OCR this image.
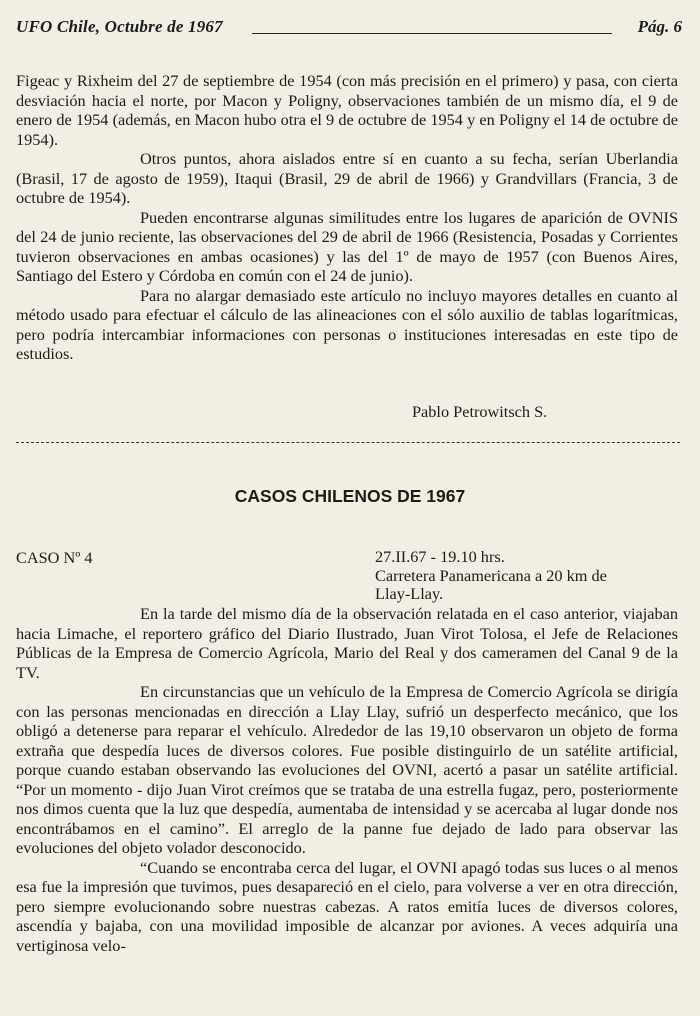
UFO Chile, Octubre de 1967	Pág. 6

Figeac y Rixheim del 27 de septiembre de 1954 (con más precisión en el primero) y pasa, con cierta desviación hacia el norte, por Macon y Poligny, observaciones también de un mismo día, el 9 de enero de 1954 (además, en Macon hubo otra el 9 de octubre de 1954 y en Poligny el 14 de octubre de 1954).

Otros puntos, ahora aislados entre sí en cuanto a su fecha, serían Uberlandia (Brasil, 17 de agosto de 1959), Itaqui (Brasil, 29 de abril de 1966) y Grandvillars (Francia, 3 de octubre de 1954).

Pueden encontrarse algunas similitudes entre los lugares de aparición de OVNIS del 24 de junio reciente, las observaciones del 29 de abril de 1966 (Resistencia, Posadas y Corrientes tuvieron observaciones en ambas ocasiones) y las del 1º de mayo de 1957 (con Buenos Aires, Santiago del Estero y Córdoba en común con el 24 de junio).

Para no alargar demasiado este artículo no incluyo mayores detalles en cuanto al método usado para efectuar el cálculo de las alineaciones con el sólo auxilio de tablas logarítmicas, pero podría intercambiar informaciones con personas o instituciones interesadas en este tipo de estudios.

Pablo Petrowitsch S.
CASOS CHILENOS DE 1967
CASO Nº 4	27.II.67 - 19.10 hrs.
Carretera Panamericana a 20 km de
Llay-Llay.

En la tarde del mismo día de la observación relatada en el caso anterior, viajaban hacia Limache, el reportero gráfico del Diario Ilustrado, Juan Virot Tolosa, el Jefe de Relaciones Públicas de la Empresa de Comercio Agrícola, Mario del Real y dos cameramen del Canal 9 de la TV.

En circunstancias que un vehículo de la Empresa de Comercio Agrícola se dirigía con las personas mencionadas en dirección a Llay Llay, sufrió un desperfecto mecánico, que los obligó a detenerse para reparar el vehículo. Alrededor de las 19,10 observaron un objeto de forma extraña que despedía luces de diversos colores. Fue posible distinguirlo de un satélite artificial, porque cuando estaban observando las evoluciones del OVNI, acertó a pasar un satélite artificial. “Por un momento - dijo Juan Virot creímos que se trataba de una estrella fugaz, pero, posteriormente nos dimos cuenta que la luz que despedía, aumentaba de intensidad y se acercaba al lugar donde nos encontrábamos en el camino”. El arreglo de la panne fue dejado de lado para observar las evoluciones del objeto volador desconocido.

“Cuando se encontraba cerca del lugar, el OVNI apagó todas sus luces o al menos esa fue la impresión que tuvimos, pues desapareció en el cielo, para volverse a ver en otra dirección, pero siempre evolucionando sobre nuestras cabezas. A ratos emitía luces de diversos colores, ascendía y bajaba, con una movilidad imposible de alcanzar por aviones. A veces adquiría una vertiginosa velo-
